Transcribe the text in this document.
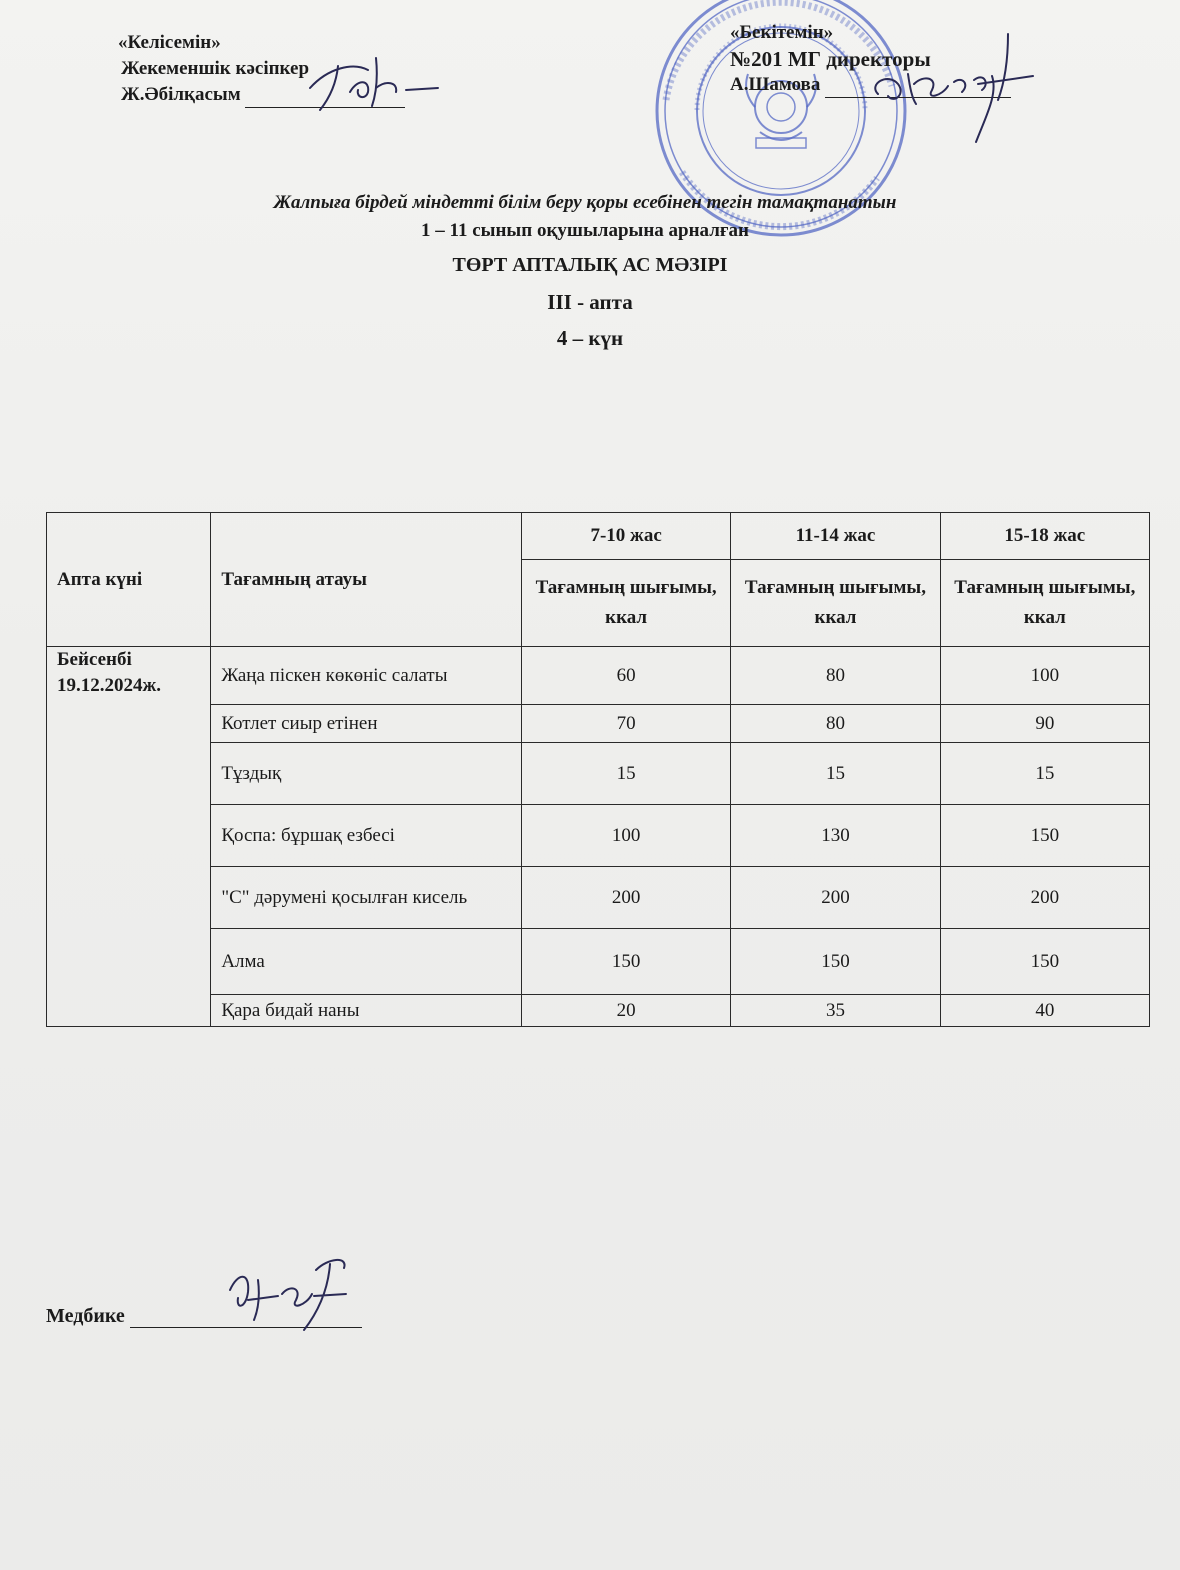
«Келісемін»
Жекеменшік кәсіпкер
Ж.Әбілқасым
«Бекітемін»
№201 МГ директоры
А.Шамова
Жалпыға бірдей міндетті білім беру қоры есебінен тегін тамақтанатын
1 – 11 сынып оқушыларына арналған
ТӨРТ АПТАЛЫҚ АС МӘЗІРІ
III - апта
4 – күн
Апта күні	Тағамның атауы	7-10 жас	11-14 жас	15-18 жас
		Тағамның шығымы, ккал	Тағамның шығымы, ккал	Тағамның шығымы, ккал
Бейсенбі 19.12.2024ж.	Жаңа піскен көкөніс салаты	60	80	100
	Котлет сиыр етінен	70	80	90
	Тұздық	15	15	15
	Қоспа: бұршақ езбесі	100	130	150
	"С" дәрумені қосылған кисель	200	200	200
	Алма	150	150	150
	Қара бидай наны	20	35	40
Медбике
